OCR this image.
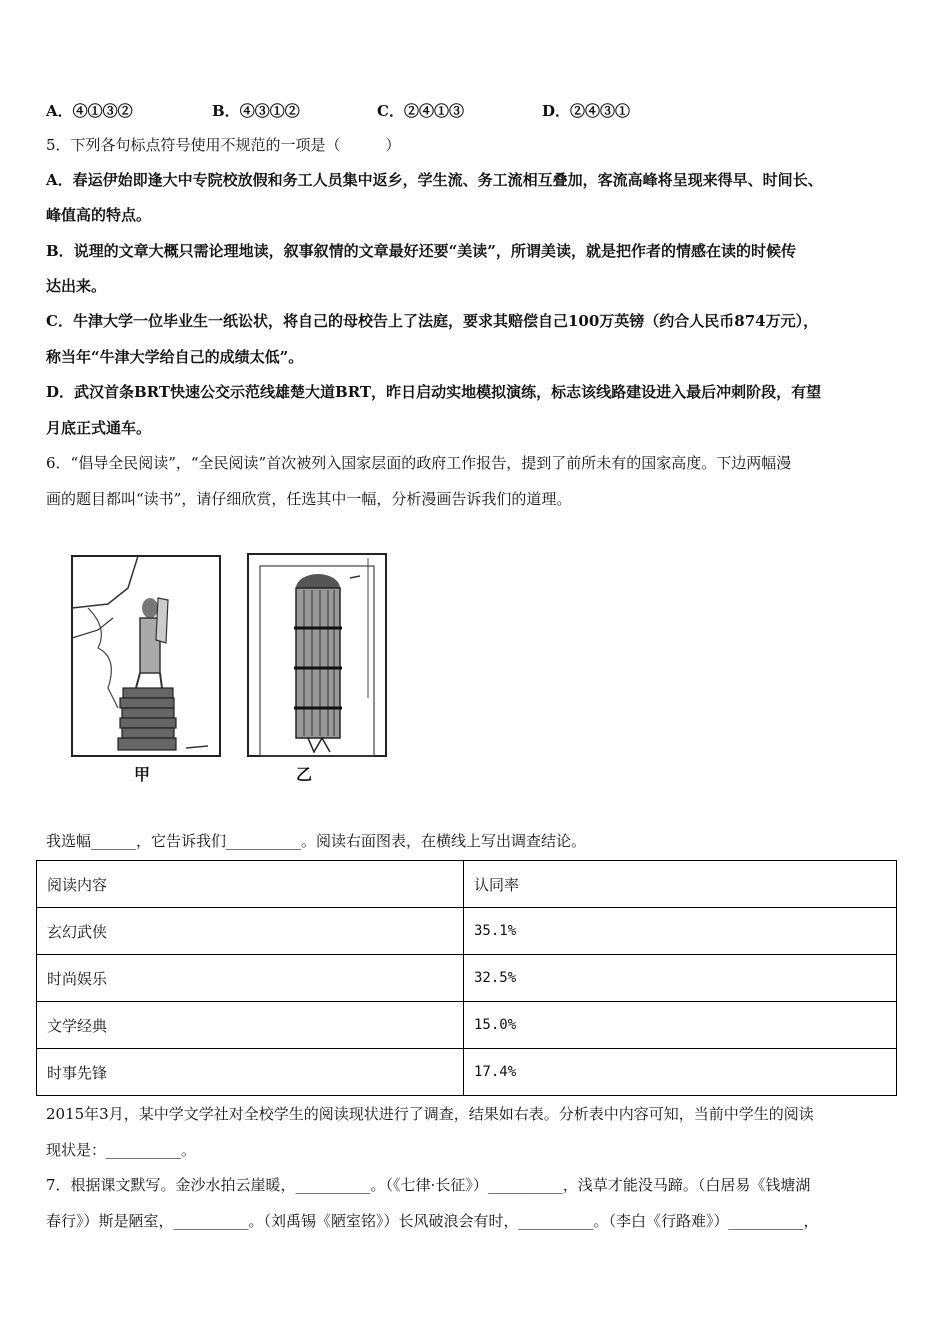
A．④①③②	B．④③①②	C．②④①③	D．②④③①
5．下列各句标点符号使用不规范的一项是（　　　）
A．春运伊始即逢大中专院校放假和务工人员集中返乡，学生流、务工流相互叠加，客流高峰将呈现来得早、时间长、
峰值高的特点。
B．说理的文章大概只需论理地读，叙事叙情的文章最好还要“美读”，所谓美读，就是把作者的情感在读的时候传
达出来。
C．牛津大学一位毕业生一纸讼状，将自己的母校告上了法庭，要求其赔偿自己100万英镑（约合人民币874万元），
称当年“牛津大学给自己的成绩太低”。
D．武汉首条BRT快速公交示范线雄楚大道BRT，昨日启动实地模拟演练，标志该线路建设进入最后冲刺阶段，有望
月底正式通车。
6．“倡导全民阅读”，“全民阅读”首次被列入国家层面的政府工作报告，提到了前所未有的国家高度。下边两幅漫
画的题目都叫“读书”，请仔细欣赏，任选其中一幅，分析漫画告诉我们的道理。
甲	乙
我选幅______，它告诉我们__________。阅读右面图表，在横线上写出调查结论。
阅读内容	认同率
玄幻武侠	35.1%
时尚娱乐	32.5%
文学经典	15.0%
时事先锋	17.4%
2015年3月，某中学文学社对全校学生的阅读现状进行了调查，结果如右表。分析表中内容可知，当前中学生的阅读
现状是：__________。
7．根据课文默写。金沙水拍云崖暖，__________。（《七律·长征》）__________，浅草才能没马蹄。（白居易《钱塘湖
春行》）斯是陋室，__________。（刘禹锡《陋室铭》）长风破浪会有时，__________。（李白《行路难》）__________，
